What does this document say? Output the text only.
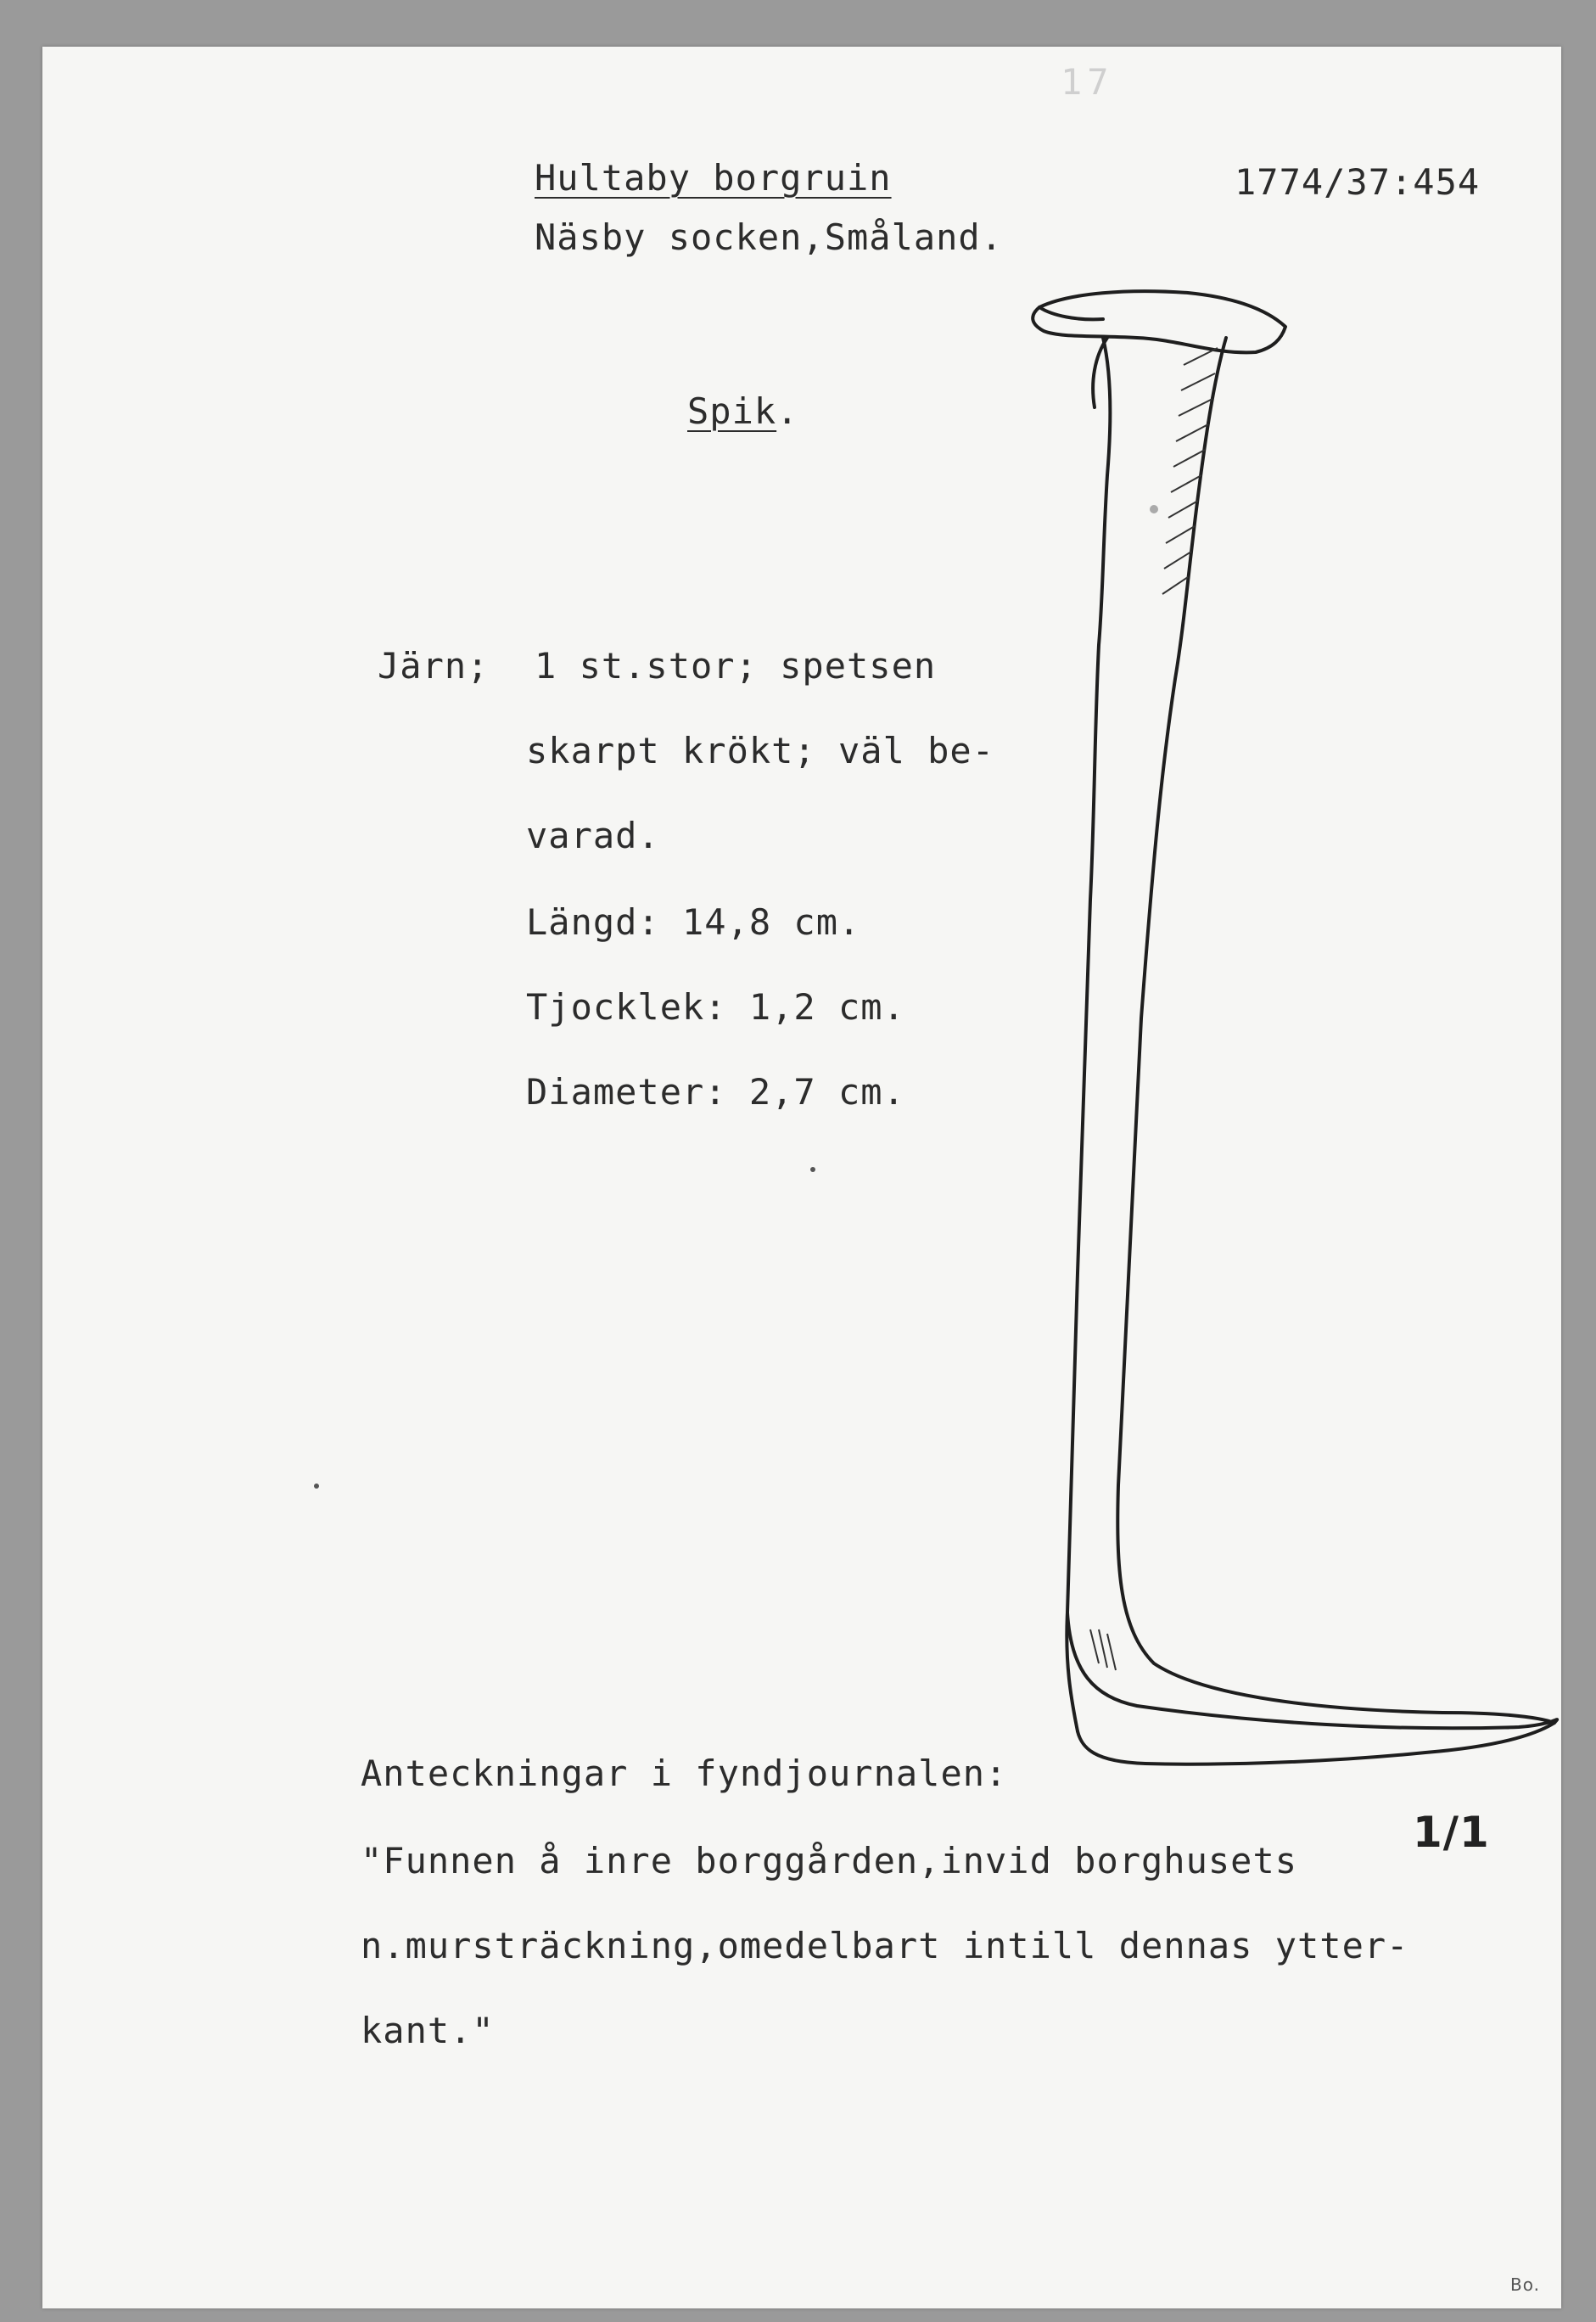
17
Hultaby borgruin	1774/37:454
Näsby socken,Småland.
Spik.
Järn; 1 st.stor; spetsen
skarpt krökt; väl be-
varad.
Längd: 14,8 cm.
Tjocklek: 1,2 cm.
Diameter: 2,7 cm.
Anteckningar i fyndjournalen:
"Funnen å inre borggården,invid borghusets
n.mursträckning,omedelbart intill dennas ytter-
kant."
1/1
Bo.
